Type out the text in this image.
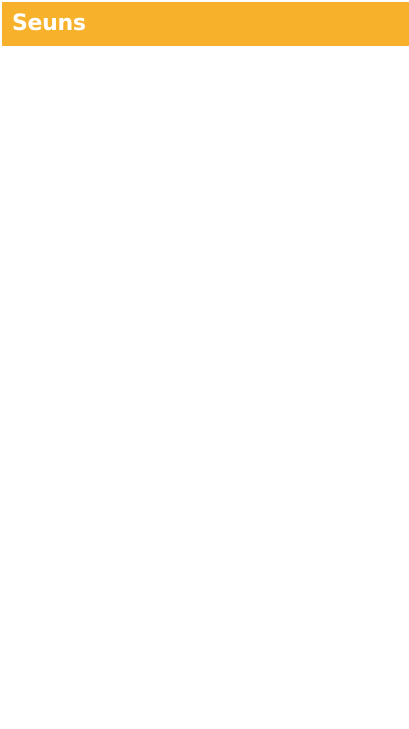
Seuns
